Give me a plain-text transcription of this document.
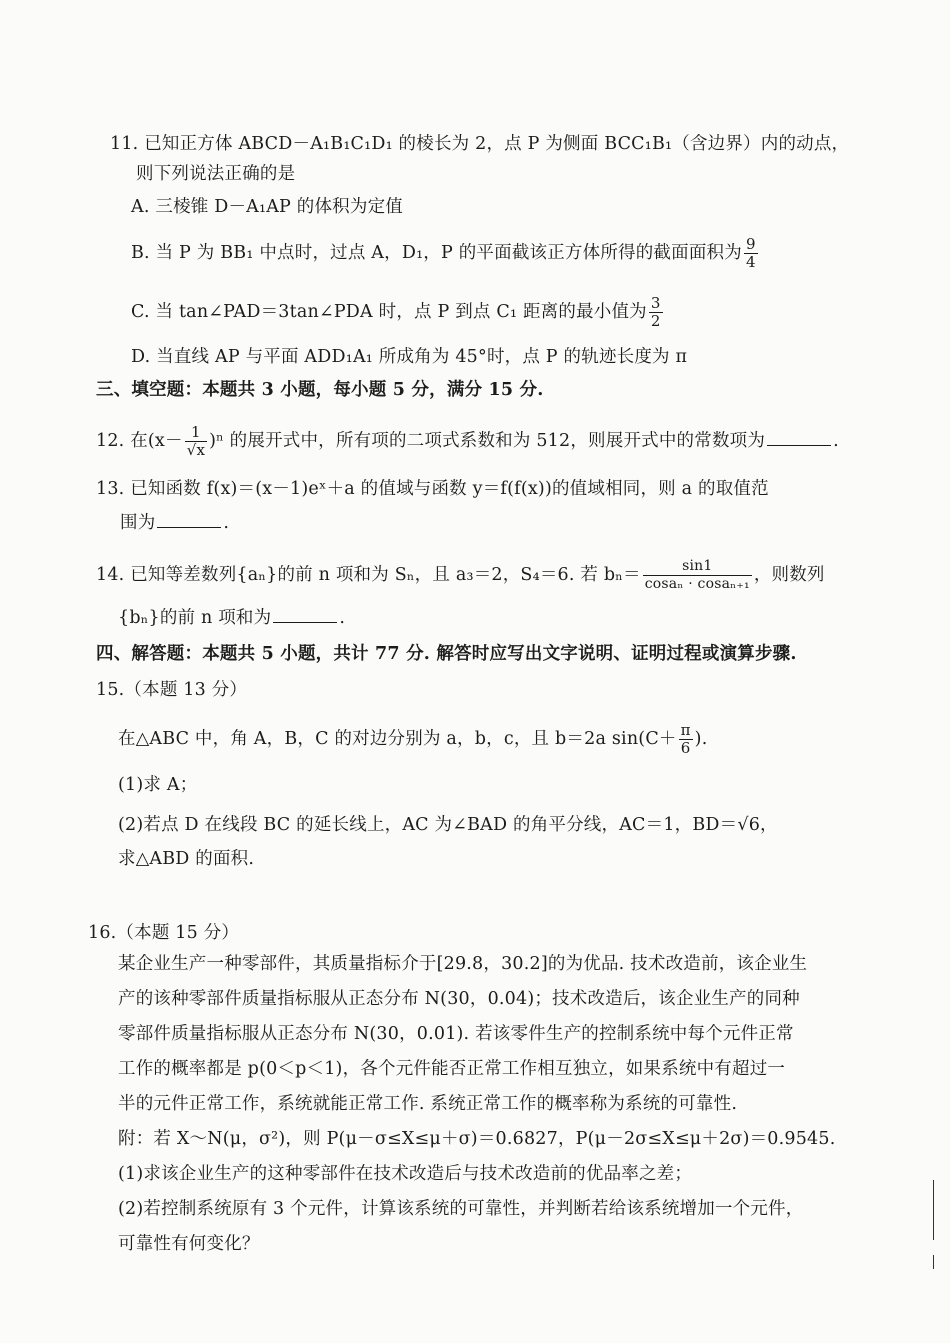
11. 已知正方体 ABCD－A₁B₁C₁D₁ 的棱长为 2，点 P 为侧面 BCC₁B₁（含边界）内的动点，
则下列说法正确的是
A. 三棱锥 D－A₁AP 的体积为定值
B. 当 P 为 BB₁ 中点时，过点 A，D₁，P 的平面截该正方体所得的截面面积为 $\frac{9}{4}$
C. 当 tan∠PAD＝3tan∠PDA 时，点 P 到点 C₁ 距离的最小值为 $\frac{3}{2}$
D. 当直线 AP 与平面 ADD₁A₁ 所成角为 45°时，点 P 的轨迹长度为 π
三、填空题：本题共 3 小题，每小题 5 分，满分 15 分.
12. 在$(x- \frac{1}{√x} )^n$ 的展开式中，所有项的二项式系数和为 512，则展开式中的常数项为	.
13. 已知函数 f(x)＝(x－1)eˣ＋a 的值域与函数 y＝f(f(x))的值域相同，则 a 的取值范
围为	.
14. 已知等差数列{aₙ}的前 n 项和为 Sₙ，且 a₃＝2，S₄＝6. 若 $b_n= \frac{\sin 1}{\text{cosaₙ · cosaₙ₊₁}}$ ，则数列
{bₙ}的前 n 项和为	.
四、解答题：本题共 5 小题，共计 77 分. 解答时应写出文字说明、证明过程或演算步骤.
15.（本题 13 分）
在△ABC 中，角 A，B，C 的对边分别为 a，b，c，且 b＝2a $\sin(C+ \frac{\pi}{6}$ ).
(1)求 A；
(2)若点 D 在线段 BC 的延长线上，AC 为∠BAD 的角平分线，AC＝1，BD＝√6，
求△ABD 的面积.
16.（本题 15 分）
某企业生产一种零部件，其质量指标介于[29.8，30.2]的为优品. 技术改造前，该企业生
产的该种零部件质量指标服从正态分布 N(30，0.04)；技术改造后，该企业生产的同种
零部件质量指标服从正态分布 N(30，0.01). 若该零件生产的控制系统中每个元件正常
工作的概率都是 p(0＜p＜1)，各个元件能否正常工作相互独立，如果系统中有超过一
半的元件正常工作，系统就能正常工作. 系统正常工作的概率称为系统的可靠性.
附：若 X～N(μ，σ²)，则 P(μ－σ≤X≤μ＋σ)＝0.6827，P(μ－2σ≤X≤μ＋2σ)＝0.9545.
(1)求该企业生产的这种零部件在技术改造后与技术改造前的优品率之差；
(2)若控制系统原有 3 个元件，计算该系统的可靠性，并判断若给该系统增加一个元件，
可靠性有何变化？
